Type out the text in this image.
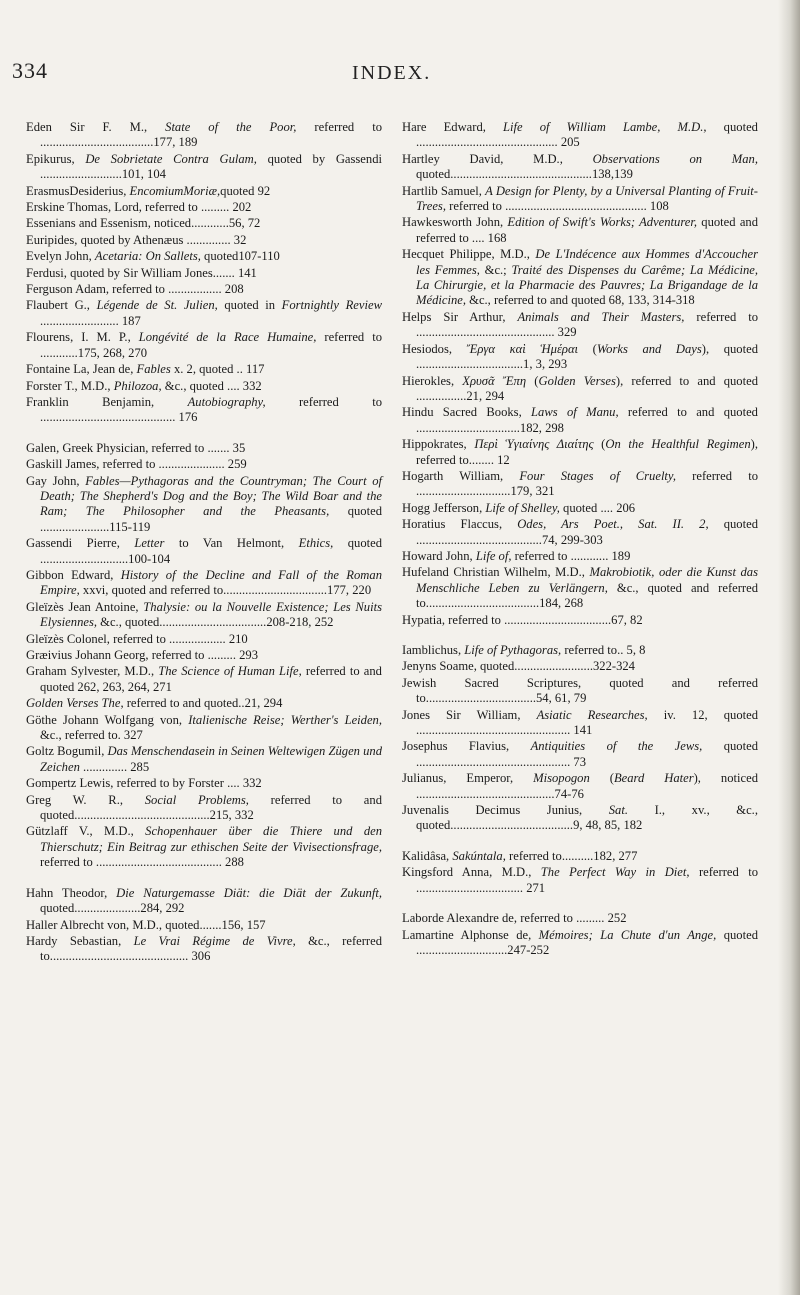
334	INDEX.

Eden Sir F. M., State of the Poor, referred to ....................................177, 189

Epikurus, De Sobrietate Contra Gulam, quoted by Gassendi ..........................101, 104

ErasmusDesiderius, EncomiumMoriæ,quoted 92

Erskine Thomas, Lord, referred to ......... 202

Essenians and Essenism, noticed............56, 72

Euripides, quoted by Athenæus .............. 32

Evelyn John, Acetaria: On Sallets, quoted107-110

Ferdusi, quoted by Sir William Jones....... 141

Ferguson Adam, referred to ................. 208

Flaubert G., Légende de St. Julien, quoted in Fortnightly Review ......................... 187

Flourens, I. M. P., Longévité de la Race Humaine, referred to ............175, 268, 270

Fontaine La, Jean de, Fables x. 2, quoted .. 117

Forster T., M.D., Philozoa, &c., quoted .... 332

Franklin Benjamin, Autobiography, referred to ........................................... 176

Galen, Greek Physician, referred to ....... 35

Gaskill James, referred to ..................... 259

Gay John, Fables—Pythagoras and the Countryman; The Court of Death; The Shepherd's Dog and the Boy; The Wild Boar and the Ram; The Philosopher and the Pheasants, quoted ......................115-119

Gassendi Pierre, Letter to Van Helmont, Ethics, quoted ............................100-104

Gibbon Edward, History of the Decline and Fall of the Roman Empire, xxvi, quoted and referred to.................................177, 220

Gleïzès Jean Antoine, Thalysie: ou la Nouvelle Existence; Les Nuits Elysiennes, &c., quoted..................................208-218, 252

Gleïzès Colonel, referred to .................. 210

Græivius Johann Georg, referred to ......... 293

Graham Sylvester, M.D., The Science of Human Life, referred to and quoted 262, 263, 264, 271

Golden Verses The, referred to and quoted..21, 294

Göthe Johann Wolfgang von, Italienische Reise; Werther's Leiden, &c., referred to. 327

Goltz Bogumil, Das Menschendasein in Seinen Weltewigen Zügen und Zeichen .............. 285

Gompertz Lewis, referred to by Forster .... 332

Greg W. R., Social Problems, referred to and quoted...........................................215, 332

Gützlaff V., M.D., Schopenhauer über die Thiere und den Thierschutz; Ein Beitrag zur ethischen Seite der Vivisectionsfrage, referred to ........................................ 288

Hahn Theodor, Die Naturgemasse Diät: die Diät der Zukunft, quoted.....................284, 292

Haller Albrecht von, M.D., quoted.......156, 157

Hardy Sebastian, Le Vrai Régime de Vivre, &c., referred to............................................ 306

Hare Edward, Life of William Lambe, M.D., quoted ............................................. 205

Hartley David, M.D., Observations on Man, quoted.............................................138,139

Hartlib Samuel, A Design for Plenty, by a Universal Planting of Fruit-Trees, referred to ............................................. 108

Hawkesworth John, Edition of Swift's Works; Adventurer, quoted and referred to .... 168

Hecquet Philippe, M.D., De L'Indécence aux Hommes d'Accoucher les Femmes, &c.; Traité des Dispenses du Carême; La Médicine, La Chirurgie, et la Pharmacie des Pauvres; La Brigandage de la Médicine, &c., referred to and quoted 68, 133, 314-318

Helps Sir Arthur, Animals and Their Masters, referred to ............................................ 329

Hesiodos, Ἔργα καὶ Ἡμέραι (Works and Days), quoted ..................................1, 3, 293

Hierokles, Χρυσᾶ Ἔπη (Golden Verses), referred to and quoted ................21, 294

Hindu Sacred Books, Laws of Manu, referred to and quoted .................................182, 298

Hippokrates, Περὶ Ὑγιαίνης Διαίτης (On the Healthful Regimen), referred to........ 12

Hogarth William, Four Stages of Cruelty, referred to ..............................179, 321

Hogg Jefferson, Life of Shelley, quoted .... 206

Horatius Flaccus, Odes, Ars Poet., Sat. II. 2, quoted ........................................74, 299-303

Howard John, Life of, referred to ............ 189

Hufeland Christian Wilhelm, M.D., Makrobiotik, oder die Kunst das Menschliche Leben zu Verlängern, &c., quoted and referred to....................................184, 268

Hypatia, referred to ..................................67, 82

Iamblichus, Life of Pythagoras, referred to.. 5, 8

Jenyns Soame, quoted.........................322-324

Jewish Sacred Scriptures, quoted and referred to...................................54, 61, 79

Jones Sir William, Asiatic Researches, iv. 12, quoted ................................................. 141

Josephus Flavius, Antiquities of the Jews, quoted ................................................. 73

Julianus, Emperor, Misopogon (Beard Hater), noticed ............................................74-76

Juvenalis Decimus Junius, Sat. I., xv., &c., quoted.......................................9, 48, 85, 182

Kalidâsa, Sakúntala, referred to..........182, 277

Kingsford Anna, M.D., The Perfect Way in Diet, referred to .................................. 271

Laborde Alexandre de, referred to ......... 252

Lamartine Alphonse de, Mémoires; La Chute d'un Ange, quoted .............................247-252
